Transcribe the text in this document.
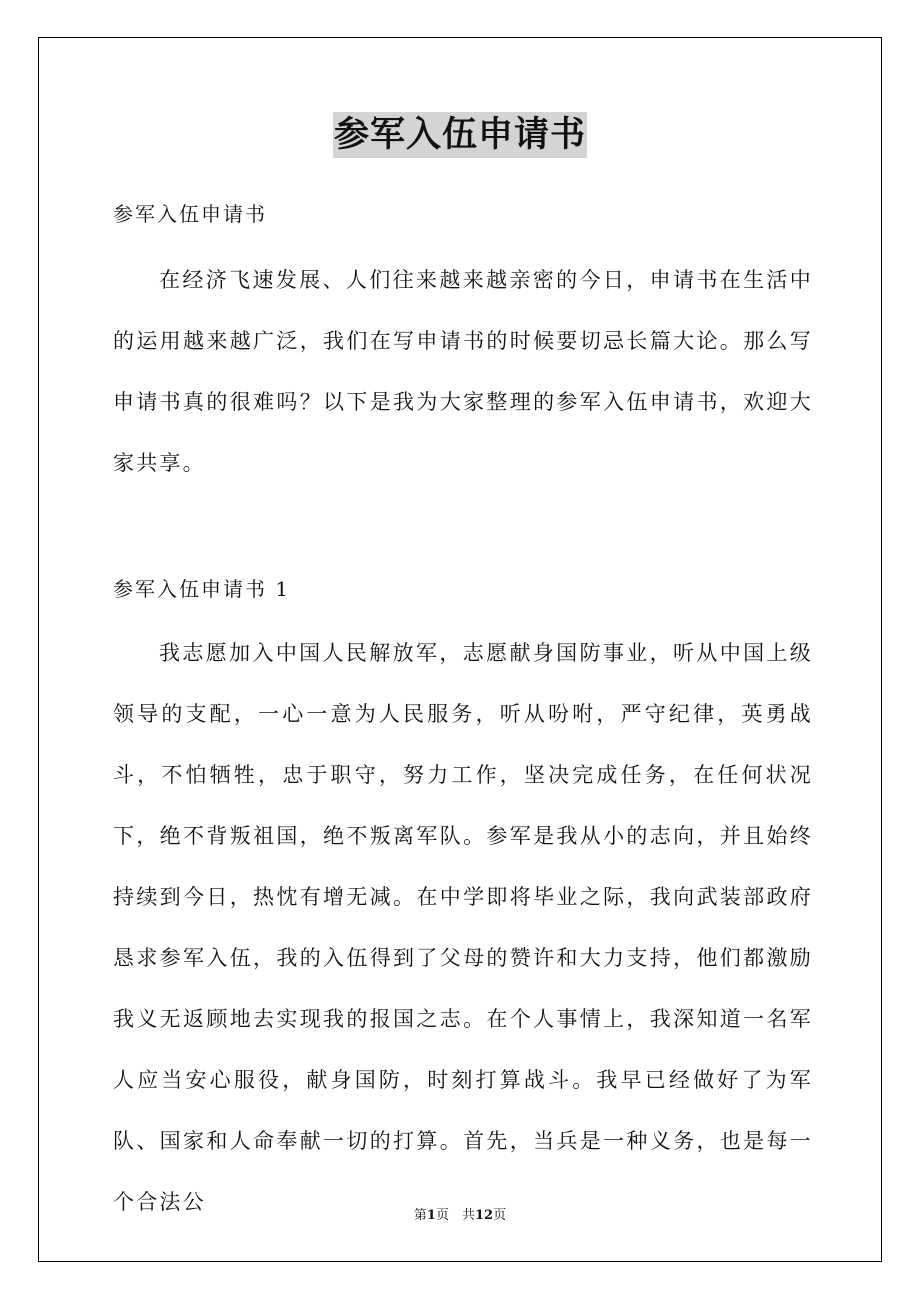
参军入伍申请书

参军入伍申请书

在经济飞速发展、人们往来越来越亲密的今日，申请书在生活中的运用越来越广泛，我们在写申请书的时候要切忌长篇大论。那么写申请书真的很难吗？以下是我为大家整理的参军入伍申请书，欢迎大家共享。

参军入伍申请书 1

我志愿加入中国人民解放军，志愿献身国防事业，听从中国上级领导的支配，一心一意为人民服务，听从吩咐，严守纪律，英勇战斗，不怕牺牲，忠于职守，努力工作，坚决完成任务，在任何状况下，绝不背叛祖国，绝不叛离军队。参军是我从小的志向，并且始终持续到今日，热忱有增无减。在中学即将毕业之际，我向武装部政府恳求参军入伍，我的入伍得到了父母的赞许和大力支持，他们都激励我义无返顾地去实现我的报国之志。在个人事情上，我深知道一名军人应当安心服役，献身国防，时刻打算战斗。我早已经做好了为军队、国家和人命奉献一切的打算。首先，当兵是一种义务，也是每一个合法公

第1页　共12页
